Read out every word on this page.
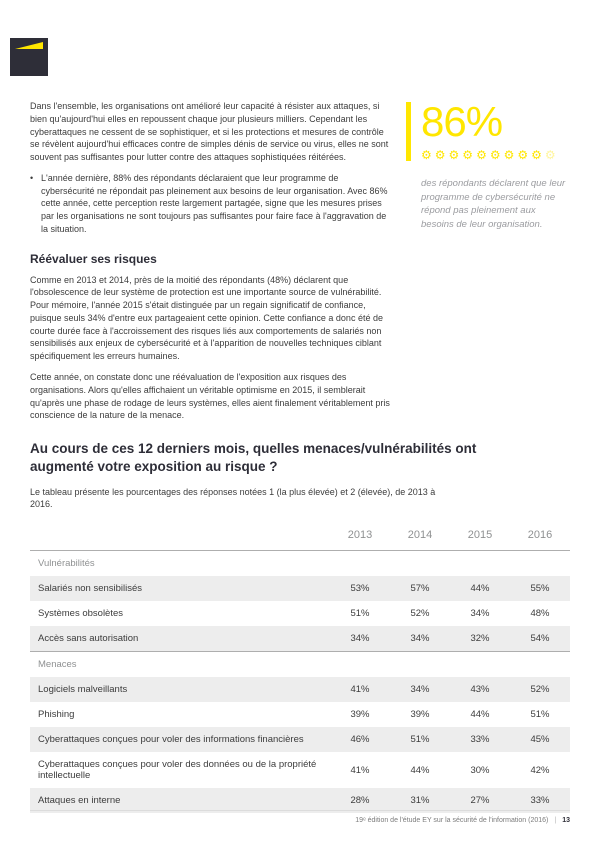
Dans l'ensemble, les organisations ont amélioré leur capacité à résister aux attaques, si bien qu'aujourd'hui elles en repoussent chaque jour plusieurs milliers. Cependant les cyberattaques ne cessent de se sophistiquer, et si les protections et mesures de contrôle se révèlent aujourd'hui efficaces contre de simples dénis de service ou virus, elles ne sont souvent pas suffisantes pour lutter contre des attaques sophistiquées réitérées.

• L'année dernière, 88% des répondants déclaraient que leur programme de cybersécurité ne répondait pas pleinement aux besoins de leur organisation. Avec 86% cette année, cette perception reste largement partagée, signe que les mesures prises par les organisations ne sont toujours pas suffisantes pour faire face à l'aggravation de la situation.

86%
⚙⚙⚙⚙⚙⚙⚙⚙⚙⚙

des répondants déclarent que leur programme de cybersécurité ne répond pas pleinement aux besoins de leur organisation.

Réévaluer ses risques

Comme en 2013 et 2014, près de la moitié des répondants (48%) déclarent que l'obsolescence de leur système de protection est une importante source de vulnérabilité. Pour mémoire, l'année 2015 s'était distinguée par un regain significatif de confiance, puisque seuls 34% d'entre eux partageaient cette opinion. Cette confiance a donc été de courte durée face à l'accroissement des risques liés aux comportements de salariés non sensibilisés aux enjeux de cybersécurité et à l'apparition de nouvelles techniques ciblant spécifiquement les erreurs humaines.

Cette année, on constate donc une réévaluation de l'exposition aux risques des organisations. Alors qu'elles affichaient un véritable optimisme en 2015, il semblerait qu'après une phase de rodage de leurs systèmes, elles aient finalement véritablement pris conscience de la nature de la menace.

Au cours de ces 12 derniers mois, quelles menaces/vulnérabilités ont augmenté votre exposition au risque ?

Le tableau présente les pourcentages des réponses notées 1 (la plus élevée) et 2 (élevée), de 2013 à 2016.

	2013	2014	2015	2016
Vulnérabilités				
Salariés non sensibilisés	53%	57%	44%	55%
Systèmes obsolètes	51%	52%	34%	48%
Accès sans autorisation	34%	34%	32%	54%
Menaces				
Logiciels malveillants	41%	34%	43%	52%
Phishing	39%	39%	44%	51%
Cyberattaques conçues pour voler des informations financières	46%	51%	33%	45%
Cyberattaques conçues pour voler des données ou de la propriété intellectuelle	41%	44%	30%	42%
Attaques en interne	28%	31%	27%	33%
19ᵉ édition de l'étude EY sur la sécurité de l'information (2016) | 13
